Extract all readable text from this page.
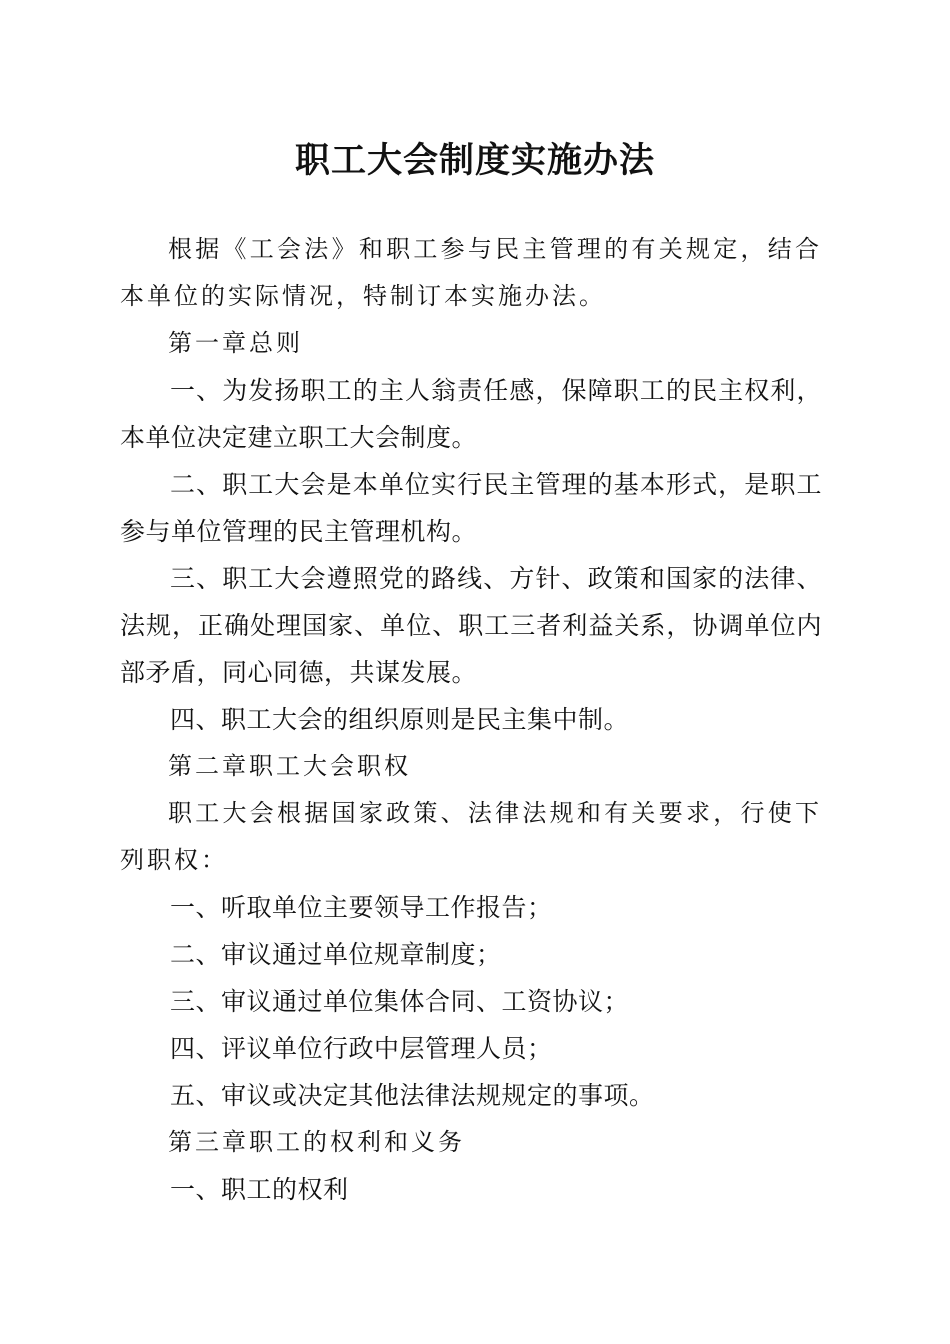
职工大会制度实施办法

根据《工会法》和职工参与民主管理的有关规定，结合本单位的实际情况，特制订本实施办法。

第一章总则

一、为发扬职工的主人翁责任感，保障职工的民主权利，本单位决定建立职工大会制度。

二、职工大会是本单位实行民主管理的基本形式，是职工参与单位管理的民主管理机构。

三、职工大会遵照党的路线、方针、政策和国家的法律、法规，正确处理国家、单位、职工三者利益关系，协调单位内部矛盾，同心同德，共谋发展。

四、职工大会的组织原则是民主集中制。

第二章职工大会职权

职工大会根据国家政策、法律法规和有关要求，行使下列职权：

一、听取单位主要领导工作报告；

二、审议通过单位规章制度；

三、审议通过单位集体合同、工资协议；

四、评议单位行政中层管理人员；

五、审议或决定其他法律法规规定的事项。

第三章职工的权利和义务

一、职工的权利
